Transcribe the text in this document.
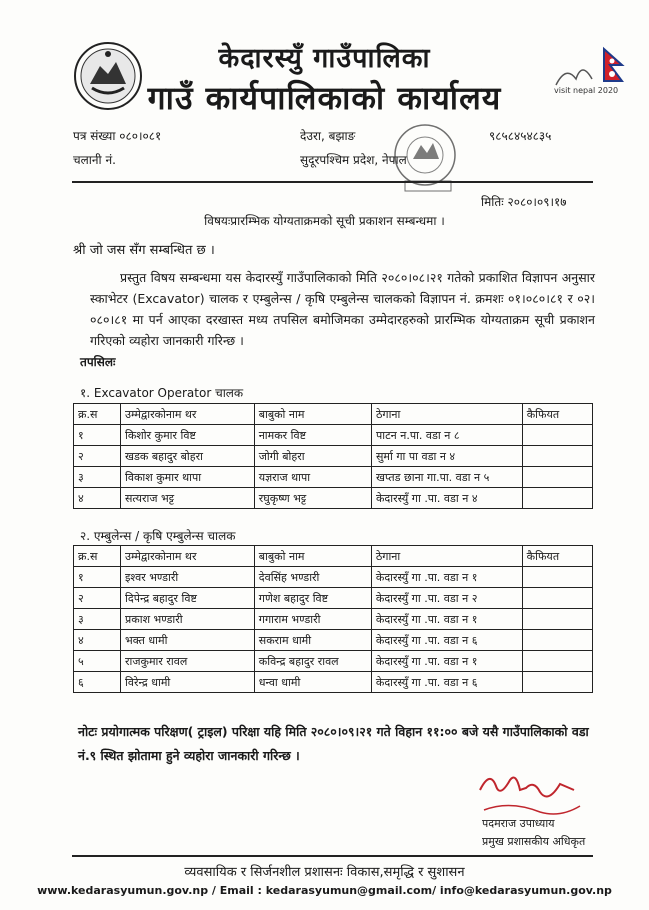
केदारस्युँ गाउँपालिका
गाउँ कार्यपालिकाको कार्यालय	visit nepal 2020
पत्र संख्या ०८०।०८१
चलानी नं.
देउरा, बझाङ
सुदूरपश्चिम प्रदेश, नेपाल
९८५८४५४८३५
मितिः २०८०।०९।१७
विषयःप्रारम्भिक योग्यताक्रमको सूची प्रकाशन सम्बन्धमा ।
श्री जो जस सँग सम्बन्धित छ ।
प्रस्तुत विषय सम्बन्धमा यस केदारस्युँ गाउँपालिकाको मिति २०८०।०८।२१ गतेको प्रकाशित विज्ञापन अनुसार स्काभेटर (Excavator) चालक र एम्बुलेन्स / कृषि एम्बुलेन्स चालकको विज्ञापन नं. क्रमशः ०१।०८०।८१ र ०२।०८०।८१ मा पर्न आएका दरखास्त मध्य तपसिल बमोजिमका उम्मेदारहरुको प्रारम्भिक योग्यताक्रम सूची प्रकाशन गरिएको व्यहोरा जानकारी गरिन्छ ।
तपसिलः
१. Excavator Operator चालक
क्र.स	उम्मेद्वारकोनाम थर	बाबुको नाम	ठेगाना	कैफियत
१	किशोर कुमार विष्ट	नामकर विष्ट	पाटन न.पा. वडा न ८	
२	खडक बहादुर बोहरा	जोगी बोहरा	सुर्मा गा पा वडा न ४	
३	विकाश कुमार थापा	यज्ञराज थापा	खप्तड छाना गा.पा. वडा न ५	
४	सत्यराज भट्ट	रघुकृष्ण भट्ट	केदारस्युँ गा .पा. वडा न ४	
२. एम्बुलेन्स / कृषि एम्बुलेन्स चालक
क्र.स	उम्मेद्वारकोनाम थर	बाबुको नाम	ठेगाना	कैफियत
१	इश्वर भण्डारी	देवसिंह भण्डारी	केदारस्युँ गा .पा. वडा न १	
२	दिपेन्द्र बहादुर विष्ट	गणेश बहादुर विष्ट	केदारस्युँ गा .पा. वडा न २	
३	प्रकाश भण्डारी	गगाराम भण्डारी	केदारस्युँ गा .पा. वडा न १	
४	भक्त धामी	सकराम धामी	केदारस्युँ गा .पा. वडा न ६	
५	राजकुमार रावल	कविन्द्र बहादुर रावल	केदारस्युँ गा .पा. वडा न १	
६	विरेन्द्र धामी	धन्वा धामी	केदारस्युँ गा .पा. वडा न ६	
नोटः प्रयोगात्मक परिक्षण( ट्राइल) परिक्षा यहि मिति २०८०।०९।२१ गते विहान ११:०० बजे यसै गाउँपालिकाको वडा नं.९ स्थित झोतामा हुने व्यहोरा जानकारी गरिन्छ ।
पदमराज उपाध्याय
प्रमुख प्रशासकीय अधिकृत
व्यवसायिक र सिर्जनशील प्रशासनः विकास,समृद्धि र सुशासन
www.kedarasyumun.gov.np / Email : kedarasyumun@gmail.com/ info@kedarasyumun.gov.np
